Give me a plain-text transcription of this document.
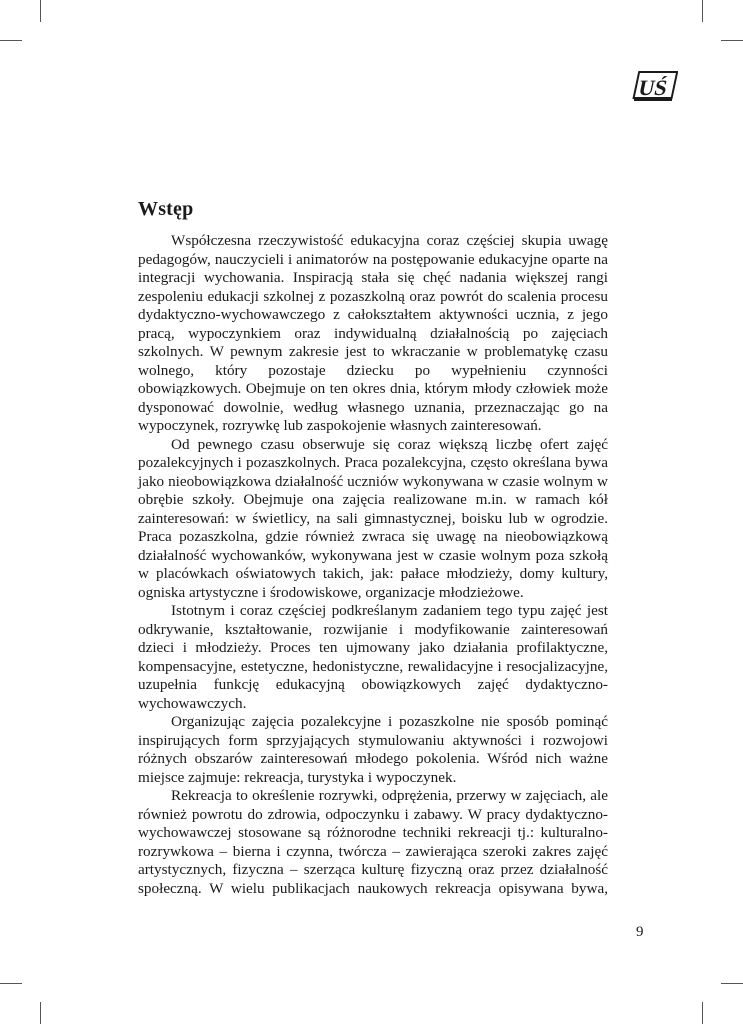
UŚ
Wstęp

Współczesna rzeczywistość edukacyjna coraz częściej skupia uwagę pedagogów, nauczycieli i animatorów na postępowanie edukacyjne oparte na integracji wychowania. Inspiracją stała się chęć nadania większej rangi zespoleniu edukacji szkolnej z pozaszkolną oraz powrót do scalenia procesu dydaktyczno-wychowawczego z całokształtem aktywności ucznia, z jego pracą, wypoczynkiem oraz indywidualną działalnością po zajęciach szkolnych. W pewnym zakresie jest to wkraczanie w problematykę czasu wolnego, który pozostaje dziecku po wypełnieniu czynności obowiązkowych. Obejmuje on ten okres dnia, którym młody człowiek może dysponować dowolnie, według własnego uznania, przeznaczając go na wypoczynek, rozrywkę lub zaspokojenie własnych zainteresowań.

Od pewnego czasu obserwuje się coraz większą liczbę ofert zajęć pozalekcyjnych i pozaszkolnych. Praca pozalekcyjna, często określana bywa jako nieobowiązkowa działalność uczniów wykonywana w czasie wolnym w obrębie szkoły. Obejmuje ona zajęcia realizowane m.in. w ramach kół zainteresowań: w świetlicy, na sali gimnastycznej, boisku lub w ogrodzie. Praca pozaszkolna, gdzie również zwraca się uwagę na nieobowiązkową działalność wychowanków, wykonywana jest w czasie wolnym poza szkołą w placówkach oświatowych takich, jak: pałace młodzieży, domy kultury, ogniska artystyczne i środowiskowe, organizacje młodzieżowe.

Istotnym i coraz częściej podkreślanym zadaniem tego typu zajęć jest odkrywanie, kształtowanie, rozwijanie i modyfikowanie zainteresowań dzieci i młodzieży. Proces ten ujmowany jako działania profilaktyczne, kompensacyjne, estetyczne, hedonistyczne, rewalidacyjne i resocjalizacyjne, uzupełnia funkcję edukacyjną obowiązkowych zajęć dydaktyczno-wychowawczych.

Organizując zajęcia pozalekcyjne i pozaszkolne nie sposób pominąć inspirujących form sprzyjających stymulowaniu aktywności i rozwojowi różnych obszarów zainteresowań młodego pokolenia. Wśród nich ważne miejsce zajmuje: rekreacja, turystyka i wypoczynek.

Rekreacja to określenie rozrywki, odprężenia, przerwy w zajęciach, ale również powrotu do zdrowia, odpoczynku i zabawy. W pracy dydaktyczno-wychowawczej stosowane są różnorodne techniki rekreacji tj.: kulturalno-rozrywkowa – bierna i czynna, twórcza – zawierająca szeroki zakres zajęć artystycznych, fizyczna – szerząca kulturę fizyczną oraz przez działalność społeczną. W wielu publikacjach naukowych rekreacja opisywana bywa,

9
